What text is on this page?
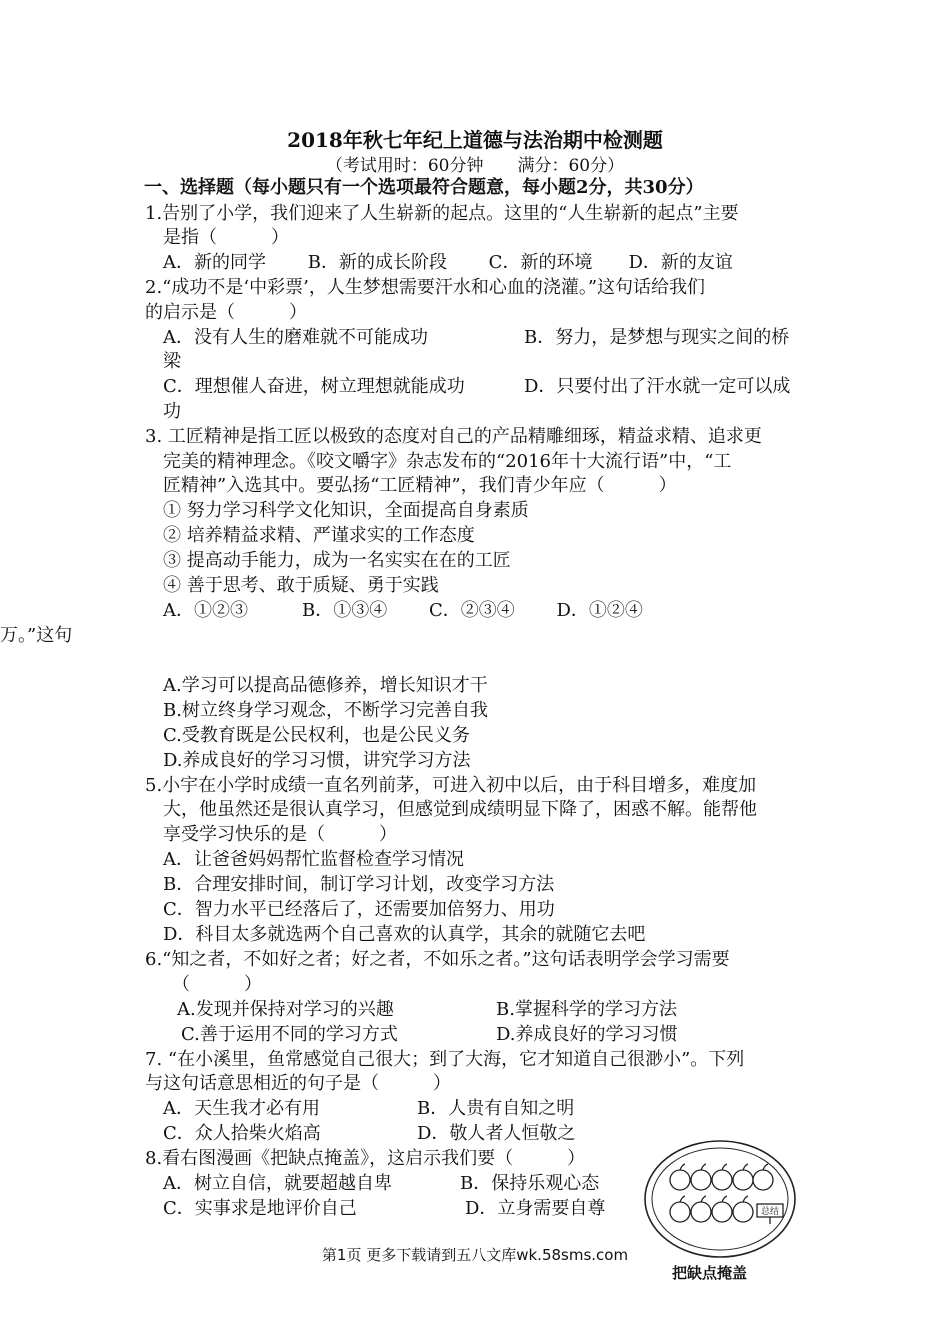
2018年秋七年纪上道德与法治期中检测题
（考试用时：60分钟　　满分：60分）
一、选择题（每小题只有一个选项最符合题意，每小题2分，共30分）
1.告别了小学，我们迎来了人生崭新的起点。这里的“人生崭新的起点”主要
是指（　　　）
A．新的同学　　 B．新的成长阶段　　 C．新的环境　　D．新的友谊
2.“成功不是‘中彩票’，人生梦想需要汗水和心血的浇灌。”这句话给我们
的启示是（　　　）
A．没有人生的磨难就不可能成功	B．努力，是梦想与现实之间的桥
梁
C．理想催人奋进，树立理想就能成功	D．只要付出了汗水就一定可以成
功
3. 工匠精神是指工匠以极致的态度对自己的产品精雕细琢，精益求精、追求更
完美的精神理念。《咬文嚼字》杂志发布的“2016年十大流行语”中，“工
匠精神”入选其中。要弘扬“工匠精神”，我们青少年应（　　　）
① 努力学习科学文化知识，全面提高自身素质
② 培养精益求精、严谨求实的工作态度
③ 提高动手能力，成为一名实实在在的工匠
④ 善于思考、敢于质疑、勇于实践
A．①②③　　　B．①③④　　 C．②③④　　 D．①②④
万。”这句
A.学习可以提高品德修养，增长知识才干
B.树立终身学习观念，不断学习完善自我
C.受教育既是公民权利，也是公民义务
D.养成良好的学习习惯，讲究学习方法
5.小宇在小学时成绩一直名列前茅，可进入初中以后，由于科目增多，难度加
大，他虽然还是很认真学习，但感觉到成绩明显下降了，困惑不解。能帮他
享受学习快乐的是（　　　）
A．让爸爸妈妈帮忙监督检查学习情况
B．合理安排时间，制订学习计划，改变学习方法
C．智力水平已经落后了，还需要加倍努力、用功
D．科目太多就选两个自己喜欢的认真学，其余的就随它去吧
6.“知之者，不如好之者；好之者，不如乐之者。”这句话表明学会学习需要
（　　　）
A.发现并保持对学习的兴趣	B.掌握科学的学习方法
C.善于运用不同的学习方式	D.养成良好的学习习惯
7. “在小溪里，鱼常感觉自己很大；到了大海，它才知道自己很渺小”。下列
与这句话意思相近的句子是（　　　）
A．天生我才必有用	B．人贵有自知之明
C．众人拾柴火焰高	D．敬人者人恒敬之
8.看右图漫画《把缺点掩盖》，这启示我们要（　　　）
A．树立自信，就要超越自卑	B．保持乐观心态
C．实事求是地评价自己	D．立身需要自尊	总结
把缺点掩盖
第1页 更多下载请到五八文库wk.58sms.com
